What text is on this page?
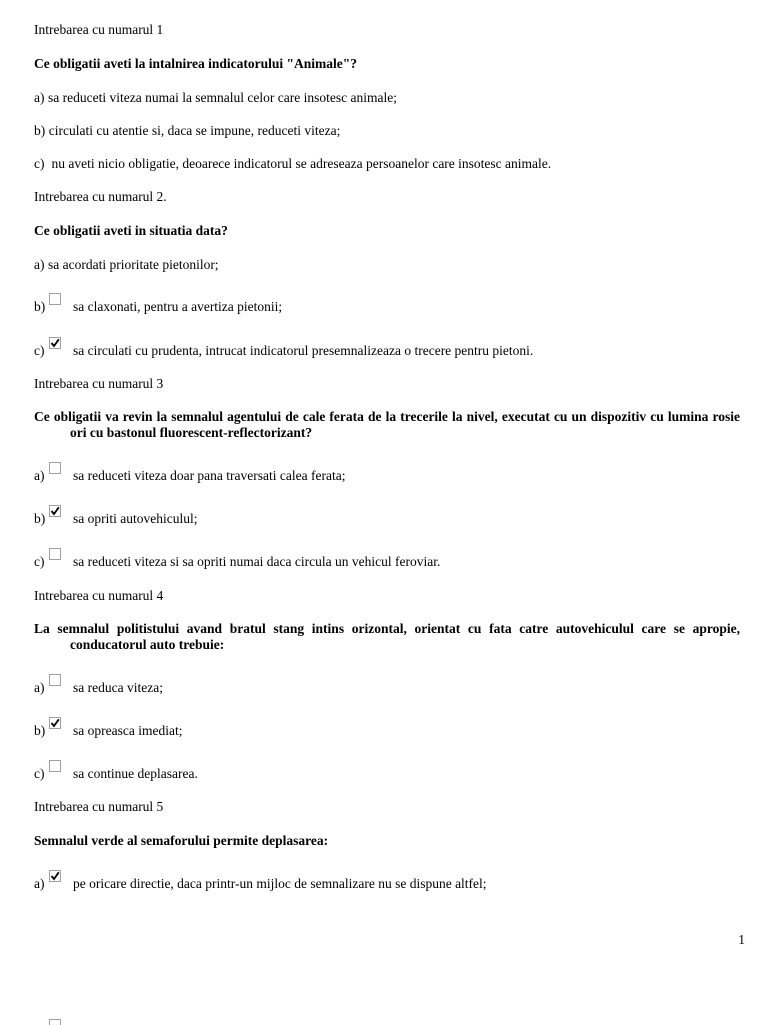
Intrebarea cu numarul 1
Ce obligatii aveti la intalnirea indicatorului "Animale"?
a) sa reduceti viteza numai la semnalul celor care insotesc animale;
b) circulati cu atentie si, daca se impune, reduceti viteza;
c) nu aveti nicio obligatie, deoarece indicatorul se adreseaza persoanelor care insotesc animale.
Intrebarea cu numarul 2.
Ce obligatii aveti in situatia data?
a) sa acordati prioritate pietonilor;
b) sa claxonati, pentru a avertiza pietonii;
c) sa circulati cu prudenta, intrucat indicatorul presemnalizeaza o trecere pentru pietoni.
Intrebarea cu numarul 3
Ce obligatii va revin la semnalul agentului de cale ferata de la trecerile la nivel, executat cu un dispozitiv cu lumina rosie ori cu bastonul fluorescent-reflectorizant?
a) sa reduceti viteza doar pana traversati calea ferata;
b) sa opriti autovehiculul;
c) sa reduceti viteza si sa opriti numai daca circula un vehicul feroviar.
Intrebarea cu numarul 4
La semnalul politistului avand bratul stang intins orizontal, orientat cu fata catre autovehiculul care se apropie, conducatorul auto trebuie:
a) sa reduca viteza;
b) sa opreasca imediat;
c) sa continue deplasarea.
Intrebarea cu numarul 5
Semnalul verde al semaforului permite deplasarea:
a) pe oricare directie, daca printr-un mijloc de semnalizare nu se dispune altfel;
1
